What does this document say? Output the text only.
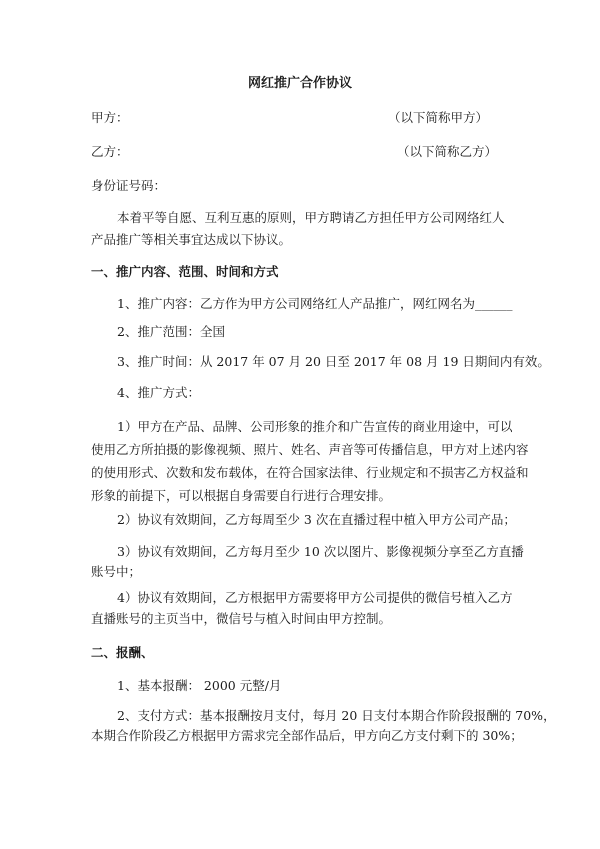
网红推广合作协议
甲方：	（以下简称甲方）
乙方：	（以下简称乙方）
身份证号码：
本着平等自愿、互利互惠的原则，甲方聘请乙方担任甲方公司网络红人
产品推广等相关事宜达成以下协议。
一、推广内容、范围、时间和方式
1、推广内容：乙方作为甲方公司网络红人产品推广，网红网名为______
2、推广范围：全国
3、推广时间：从 2017 年 07 月 20 日至 2017 年 08 月 19 日期间内有效。
4、推广方式：
1）甲方在产品、品牌、公司形象的推介和广告宣传的商业用途中，可以
使用乙方所拍摄的影像视频、照片、姓名、声音等可传播信息，甲方对上述内容
的使用形式、次数和发布载体，在符合国家法律、行业规定和不损害乙方权益和
形象的前提下，可以根据自身需要自行进行合理安排。
2）协议有效期间，乙方每周至少 3 次在直播过程中植入甲方公司产品；
3）协议有效期间，乙方每月至少 10 次以图片、影像视频分享至乙方直播
账号中；
4）协议有效期间，乙方根据甲方需要将甲方公司提供的微信号植入乙方
直播账号的主页当中，微信号与植入时间由甲方控制。
二、报酬、
1、基本报酬： 2000 元整/月
2、支付方式：基本报酬按月支付，每月 20 日支付本期合作阶段报酬的 70%，
本期合作阶段乙方根据甲方需求完全部作品后，甲方向乙方支付剩下的 30%；
